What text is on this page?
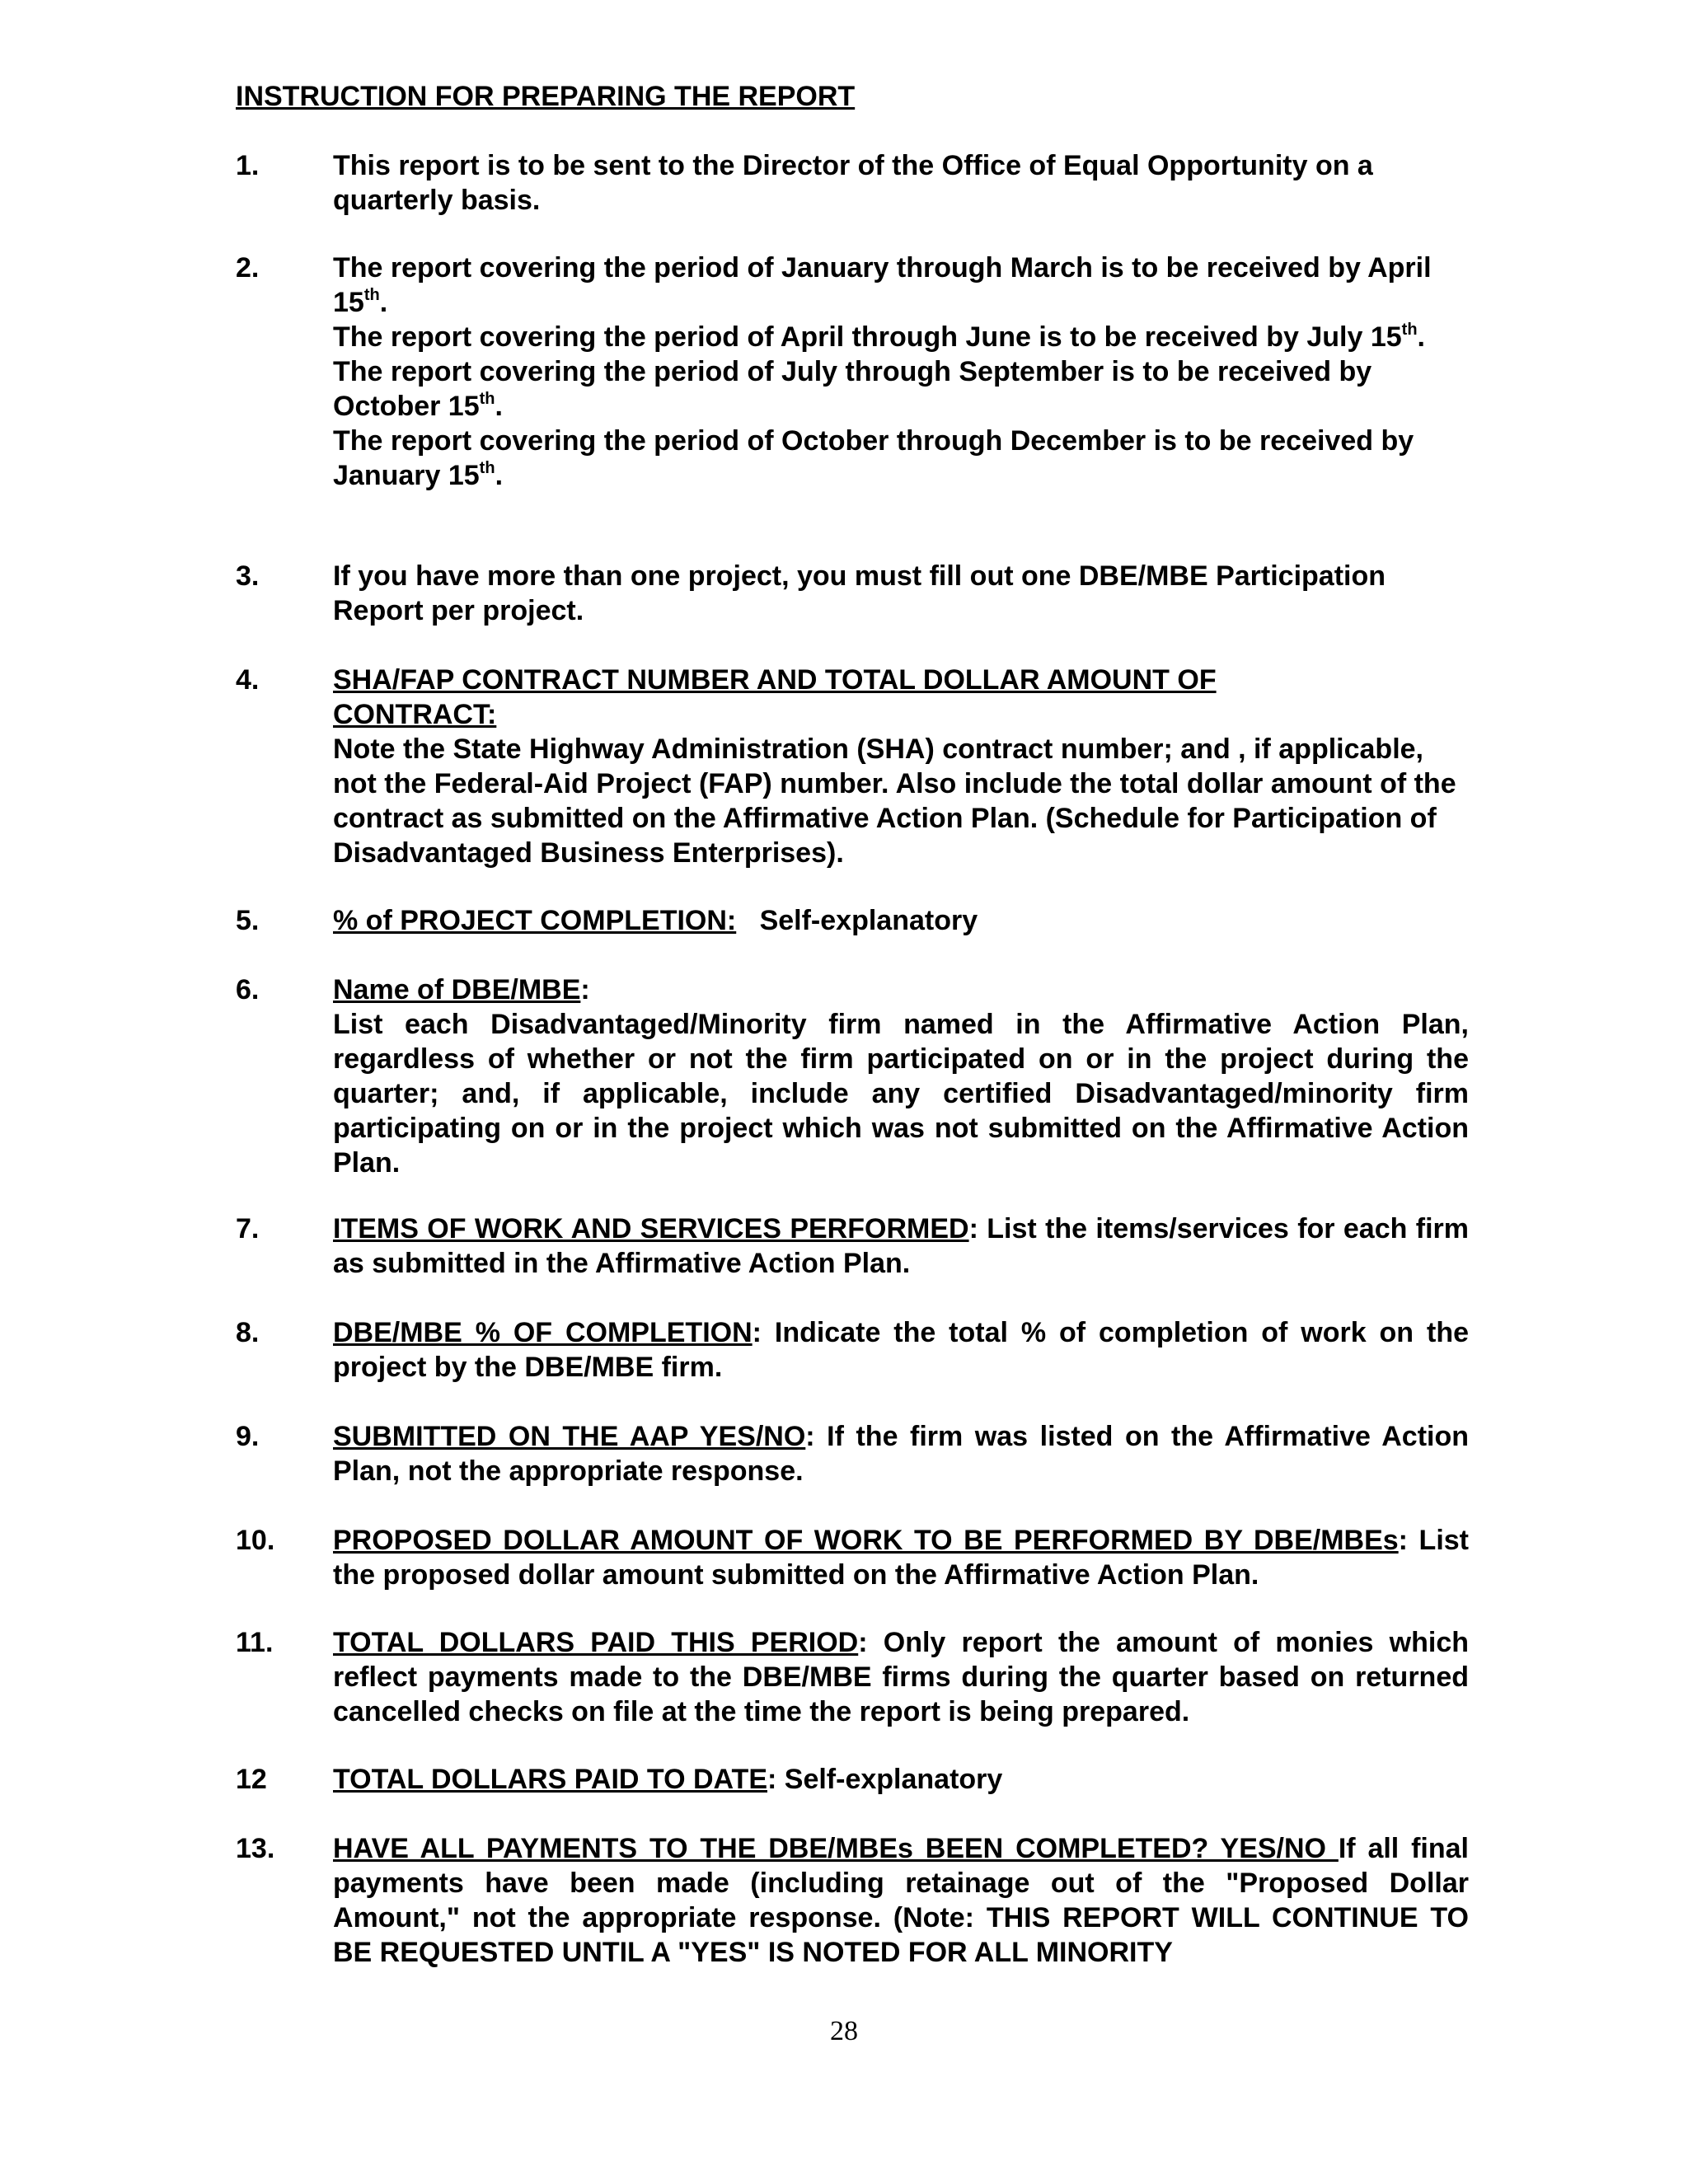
INSTRUCTION FOR PREPARING THE REPORT
1.	This report is to be sent to the Director of the Office of Equal Opportunity on a quarterly basis.

2.	The report covering the period of January through March is to be received by April 15th.

The report covering the period of April through June is to be received by July 15th.

The report covering the period of July through September is to be received by October 15th.

The report covering the period of October through December is to be received by January 15th.

3.	If you have more than one project, you must fill out one DBE/MBE Participation Report per project.

4.	SHA/FAP CONTRACT NUMBER AND TOTAL DOLLAR AMOUNT OF

CONTRACT:

Note the State Highway Administration (SHA) contract number; and , if applicable, not the Federal-Aid Project (FAP) number. Also include the total dollar amount of the contract as submitted on the Affirmative Action Plan. (Schedule for Participation of Disadvantaged Business Enterprises).

5.	% of PROJECT COMPLETION: Self-explanatory

6.	Name of DBE/MBE:

List each Disadvantaged/Minority firm named in the Affirmative Action Plan, regardless of whether or not the firm participated on or in the project during the quarter; and, if applicable, include any certified Disadvantaged/minority firm participating on or in the project which was not submitted on the Affirmative Action Plan.

7.	ITEMS OF WORK AND SERVICES PERFORMED: List the items/services for each firm as submitted in the Affirmative Action Plan.

8.	DBE/MBE % OF COMPLETION: Indicate the total % of completion of work on the project by the DBE/MBE firm.

9.	SUBMITTED ON THE AAP YES/NO: If the firm was listed on the Affirmative Action Plan, not the appropriate response.

10.	PROPOSED DOLLAR AMOUNT OF WORK TO BE PERFORMED BY DBE/MBEs: List the proposed dollar amount submitted on the Affirmative Action Plan.

11.	TOTAL DOLLARS PAID THIS PERIOD: Only report the amount of monies which reflect payments made to the DBE/MBE firms during the quarter based on returned cancelled checks on file at the time the report is being prepared.

12	TOTAL DOLLARS PAID TO DATE: Self-explanatory

13.	HAVE ALL PAYMENTS TO THE DBE/MBEs BEEN COMPLETED? YES/NO If all final payments have been made (including retainage out of the "Proposed Dollar Amount," not the appropriate response. (Note: THIS REPORT WILL CONTINUE TO BE REQUESTED UNTIL A "YES" IS NOTED FOR ALL MINORITY

28
